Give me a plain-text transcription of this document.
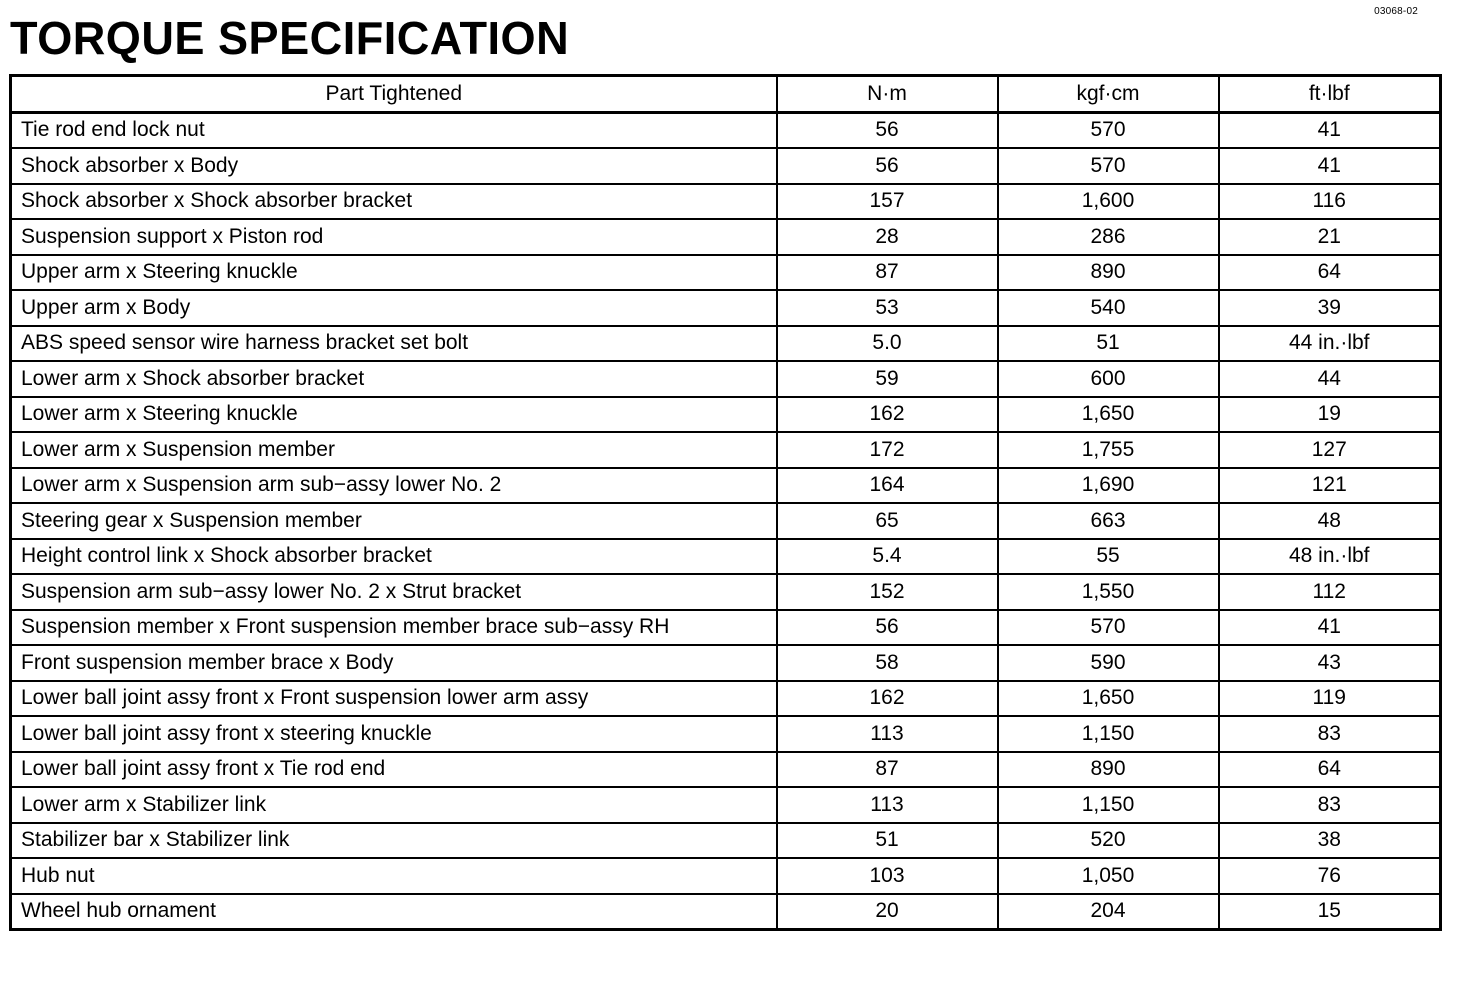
03068-02
TORQUE SPECIFICATION
Part Tightened	N·m	kgf·cm	ft·lbf
Tie rod end lock nut	56	570	41
Shock absorber x Body	56	570	41
Shock absorber x Shock absorber bracket	157	1,600	116
Suspension support x Piston rod	28	286	21
Upper arm x Steering knuckle	87	890	64
Upper arm x Body	53	540	39
ABS speed sensor wire harness bracket set bolt	5.0	51	44 in.·lbf
Lower arm x Shock absorber bracket	59	600	44
Lower arm x Steering knuckle	162	1,650	19
Lower arm x Suspension member	172	1,755	127
Lower arm x Suspension arm sub−assy lower No. 2	164	1,690	121
Steering gear x Suspension member	65	663	48
Height control link x Shock absorber bracket	5.4	55	48 in.·lbf
Suspension arm sub−assy lower No. 2 x Strut bracket	152	1,550	112
Suspension member x Front suspension member brace sub−assy RH	56	570	41
Front suspension member brace x Body	58	590	43
Lower ball joint assy front x Front suspension lower arm assy	162	1,650	119
Lower ball joint assy front x steering knuckle	113	1,150	83
Lower ball joint assy front x Tie rod end	87	890	64
Lower arm x Stabilizer link	113	1,150	83
Stabilizer bar x Stabilizer link	51	520	38
Hub nut	103	1,050	76
Wheel hub ornament	20	204	15
